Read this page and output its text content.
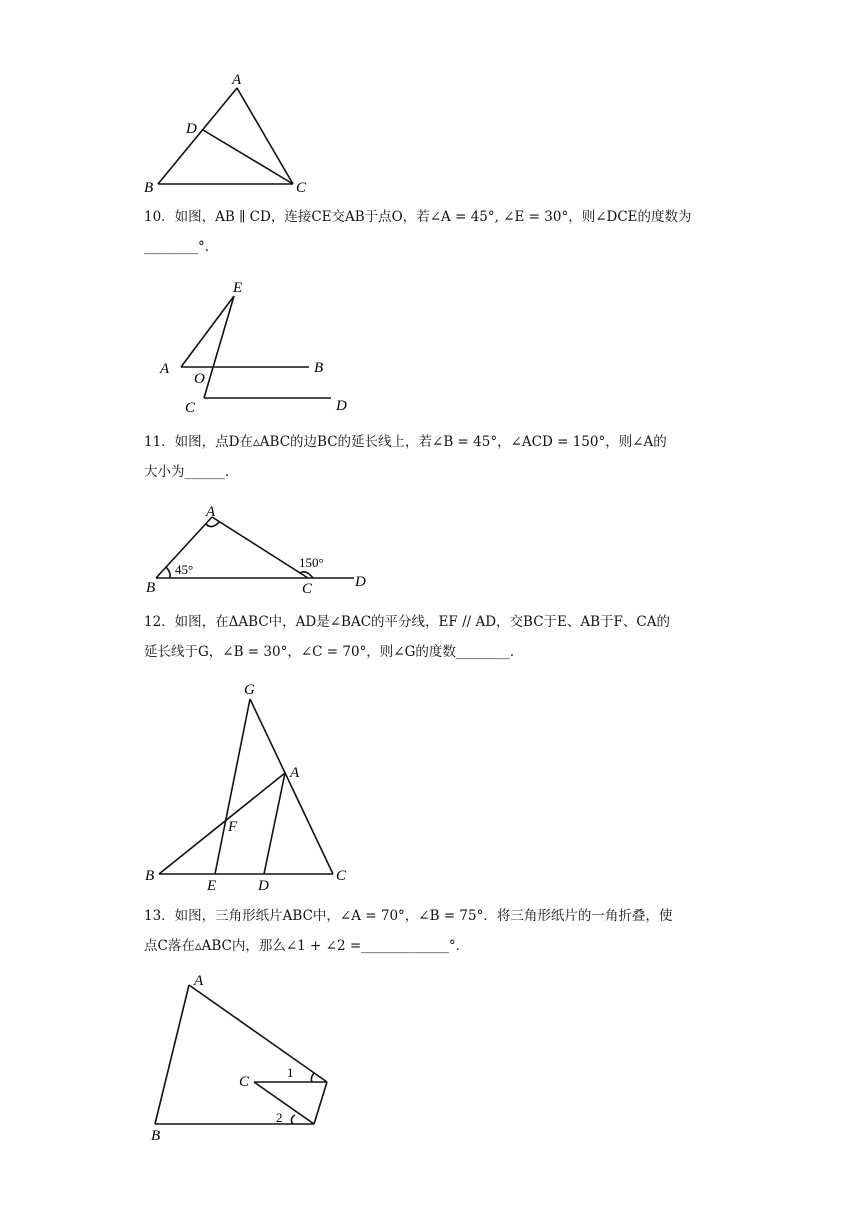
A
D
B	C

10．如图，AB ∥ CD，连接CE交AB于点O，若∠A = 45°, ∠E = 30°，则∠DCE的度数为

________°．

E
A
O
B
C	D

11．如图，点D在▵ABC的边BC的延长线上，若∠B = 45°，∠ACD = 150°，则∠A的

大小为______．

A
B	C	D
45°	150°

12．如图，在ΔABC中，AD是∠BAC的平分线，EF // AD，交BC于E、AB于F、CA的

延长线于G，∠B = 30°，∠C = 70°，则∠G的度数________．

G
A
F
B
E	D
C

13．如图，三角形纸片ABC中，∠A = 70°，∠B = 75°．将三角形纸片的一角折叠，使

点C落在▵ABC内，那么∠1 + ∠2 =_____________°．

A
C
B
1
2
